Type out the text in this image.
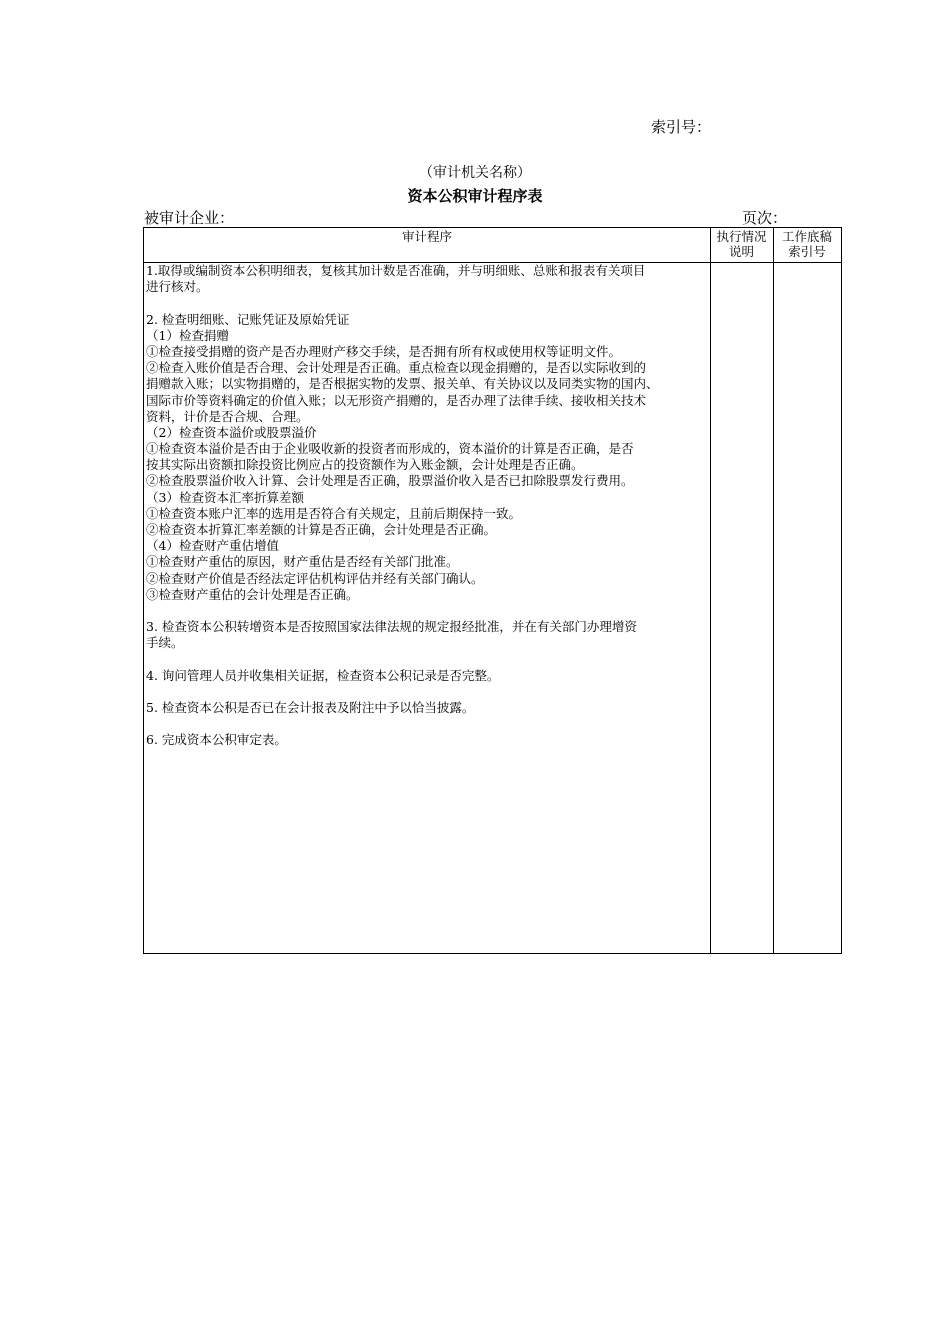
索引号：
（审计机关名称）
资本公积审计程序表
被审计企业：	页次：
审计程序	执行情况
说明
工作底稿
索引号
1.取得或编制资本公积明细表，复核其加计数是否准确，并与明细账、总账和报表有关项目
进行核对。
2. 检查明细账、记账凭证及原始凭证
（1）检查捐赠
①检查接受捐赠的资产是否办理财产移交手续，是否拥有所有权或使用权等证明文件。
②检查入账价值是否合理、会计处理是否正确。重点检查以现金捐赠的，是否以实际收到的
捐赠款入账；以实物捐赠的，是否根据实物的发票、报关单、有关协议以及同类实物的国内、
国际市价等资料确定的价值入账；以无形资产捐赠的，是否办理了法律手续、接收相关技术
资料，计价是否合规、合理。
（2）检查资本溢价或股票溢价
①检查资本溢价是否由于企业吸收新的投资者而形成的，资本溢价的计算是否正确，是否
按其实际出资额扣除投资比例应占的投资额作为入账金额，会计处理是否正确。
②检查股票溢价收入计算、会计处理是否正确，股票溢价收入是否已扣除股票发行费用。
（3）检查资本汇率折算差额
①检查资本账户汇率的选用是否符合有关规定，且前后期保持一致。
②检查资本折算汇率差额的计算是否正确，会计处理是否正确。
（4）检查财产重估增值
①检查财产重估的原因，财产重估是否经有关部门批准。
②检查财产价值是否经法定评估机构评估并经有关部门确认。
③检查财产重估的会计处理是否正确。
3. 检查资本公积转增资本是否按照国家法律法规的规定报经批准，并在有关部门办理增资
手续。
4. 询问管理人员并收集相关证据，检查资本公积记录是否完整。
5. 检查资本公积是否已在会计报表及附注中予以恰当披露。
6. 完成资本公积审定表。
